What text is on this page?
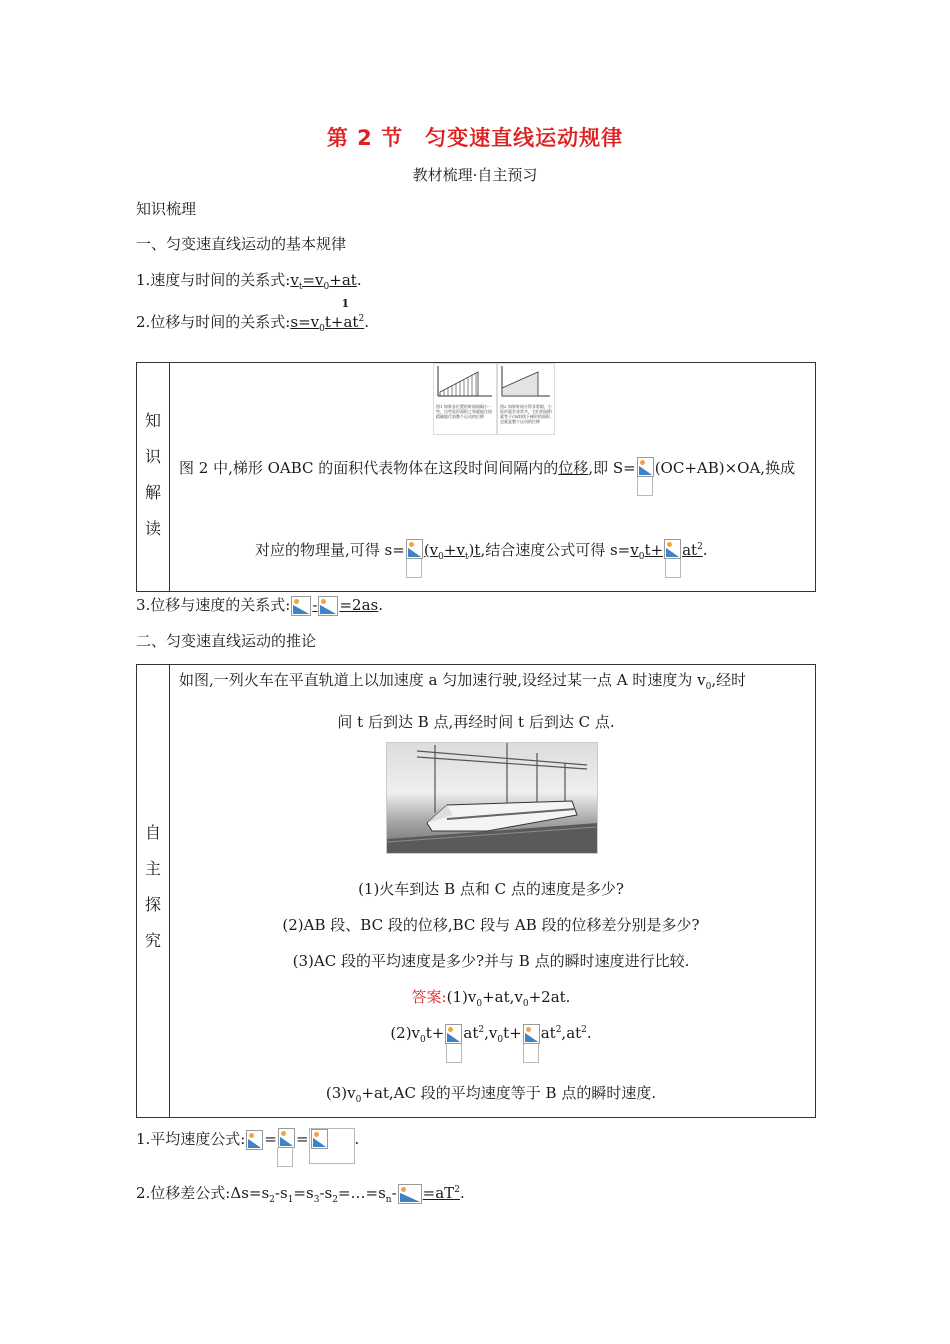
第 2 节　匀变速直线运动规律
教材梳理·自主预习
知识梳理
一、匀变速直线运动的基本规律
1.速度与时间的关系式$:v_t=v_0+at$.
2.位移与时间的关系式$:s=v_0t+$
1
$at^2$.
知
识
解
读
图1 如果各位置的时间间隔小一些，这些矩形面积之和就能比较精确地代表整个运动的位移
图2 如果时间分得非常细，小矩形就会非常多，它们的面积就等于CB斜线下梯形的面积,也就是整个运动的位移
图 2 中,梯形 OABC 的面积代表物体在这段时间间隔内的位移,即 S= (OC+AB)×OA,换成
对应的物理量,可得 $s= (v_0+v_t)t$,结合速度公式可得 $s=v_0t+ at^2$.
3.位移与速度的关系式: - =2as.
二、匀变速直线运动的推论
自
主
探
究
如图,一列火车在平直轨道上以加速度 a 匀加速行驶,设经过某一点 A 时速度为 $v_0$,经时
间 t 后到达 B 点,再经时间 t 后到达 C 点.
(1)火车到达 B 点和 C 点的速度是多少?
(2)AB 段、BC 段的位移,BC 段与 AB 段的位移差分别是多少?
(3)AC 段的平均速度是多少?并与 B 点的瞬时速度进行比较.
答案$:(1)v_0+at,v_0+2at$.
$(2)v_0t+ at^2,v_0t+ at^2,at^2$.
$(3)v_0+at,AC$ 段的平均速度等于 B 点的瞬时速度.
1.平均速度公式: = =	.
2.位移差公式$:\Delta s=s_2-s_1=s_3-s_2=\dots=s_n- =aT^2$.
